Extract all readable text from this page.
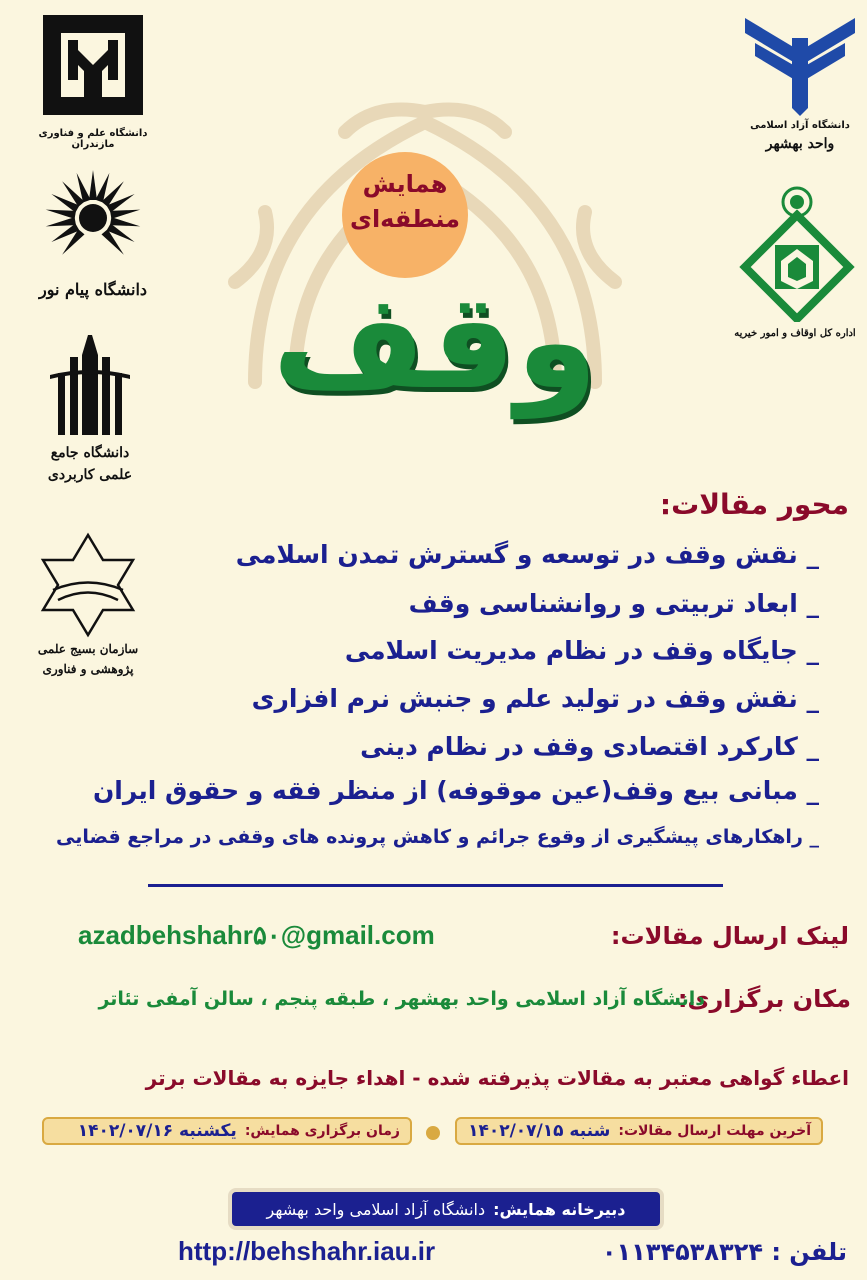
دانشگاه علم و فناوری مازندران
دانشگاه پیام نور
دانشگاه جامع
علمی کاربردی
سازمان بسیج علمی
پژوهشی و فناوری
دانشگاه آزاد اسلامی
واحد بهشهر
اداره کل اوقاف و امور خیریه
همایش
منطقه‌ای
وقف
محور مقالات:
_ نقش وقف در توسعه و گسترش تمدن اسلامی
_ ابعاد تربیتی و روانشناسی وقف
_ جایگاه وقف در نظام مدیریت اسلامی
_ نقش وقف در تولید علم و جنبش نرم افزاری
_ کارکرد اقتصادی وقف در نظام دینی
_ مبانی بیع وقف(عین موقوفه) از منظر فقه و حقوق ایران
_ راهکارهای پیشگیری از وقوع جرائم و کاهش پرونده های وقفی در مراجع قضایی
لینک ارسال مقالات:
azadbehshahr۵۰@gmail.com
مکان برگزاری:
دانشگاه آزاد اسلامی واحد بهشهر ، طبقه پنجم ، سالن آمفی تئاتر
اعطاء گواهی معتبر به مقالات پذیرفته شده - اهداء جایزه به مقالات برتر
آخرین مهلت ارسال مقالات:
شنبه ۱۴۰۲/۰۷/۱۵
زمان برگزاری همایش:
یکشنبه ۱۴۰۲/۰۷/۱۶
دبیرخانه همایش:
دانشگاه آزاد اسلامی واحد بهشهر
http://behshahr.iau.ir	تلفن : ۰۱۱۳۴۵۳۸۳۲۴
